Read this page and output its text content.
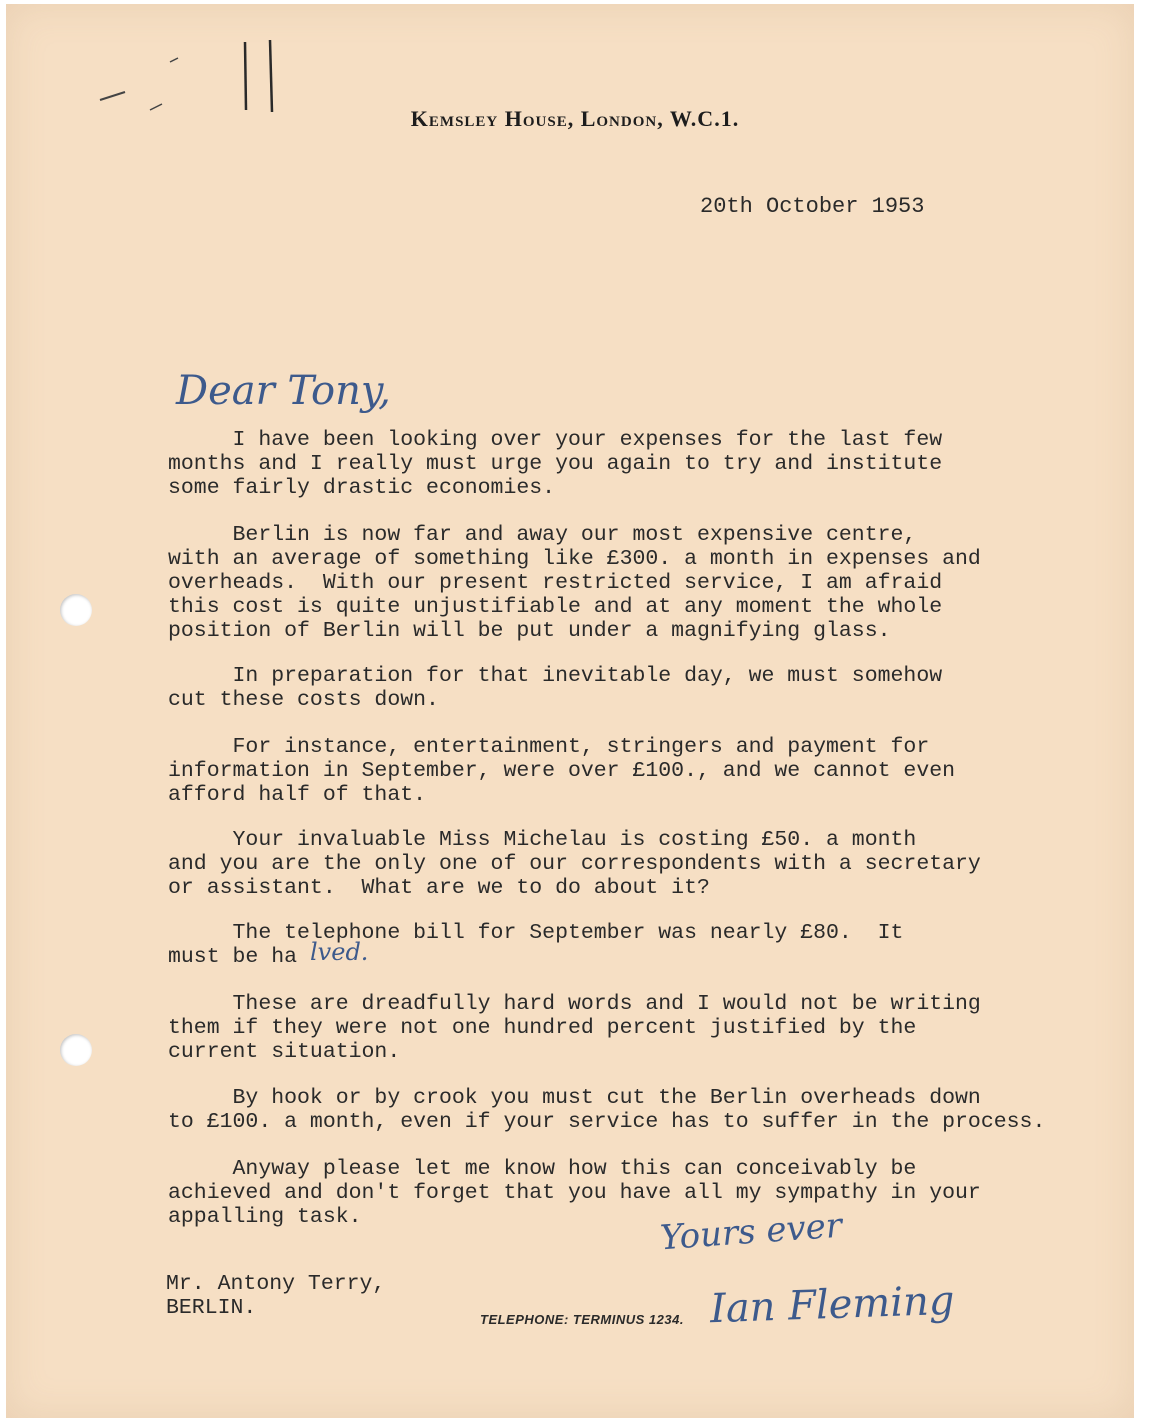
Kemsley House, London, W.C.1.
20th October 1953
Dear Tony,
I have been looking over your expenses for the last few
months and I really must urge you again to try and institute
some fairly drastic economies.
Berlin is now far and away our most expensive centre,
with an average of something like £300. a month in expenses and
overheads.  With our present restricted service, I am afraid
this cost is quite unjustifiable and at any moment the whole
position of Berlin will be put under a magnifying glass.
In preparation for that inevitable day, we must somehow
cut these costs down.
For instance, entertainment, stringers and payment for
information in September, were over £100., and we cannot even
afford half of that.
Your invaluable Miss Michelau is costing £50. a month
and you are the only one of our correspondents with a secretary
or assistant.  What are we to do about it?
The telephone bill for September was nearly £80.  It
must be ha lved.
These are dreadfully hard words and I would not be writing
them if they were not one hundred percent justified by the
current situation.
By hook or by crook you must cut the Berlin overheads down
to £100. a month, even if your service has to suffer in the process.
Anyway please let me know how this can conceivably be
achieved and don't forget that you have all my sympathy in your
appalling task.	Yours ever
Mr. Antony Terry,
BERLIN.	TELEPHONE: TERMINUS 1234. Ian Fleming
